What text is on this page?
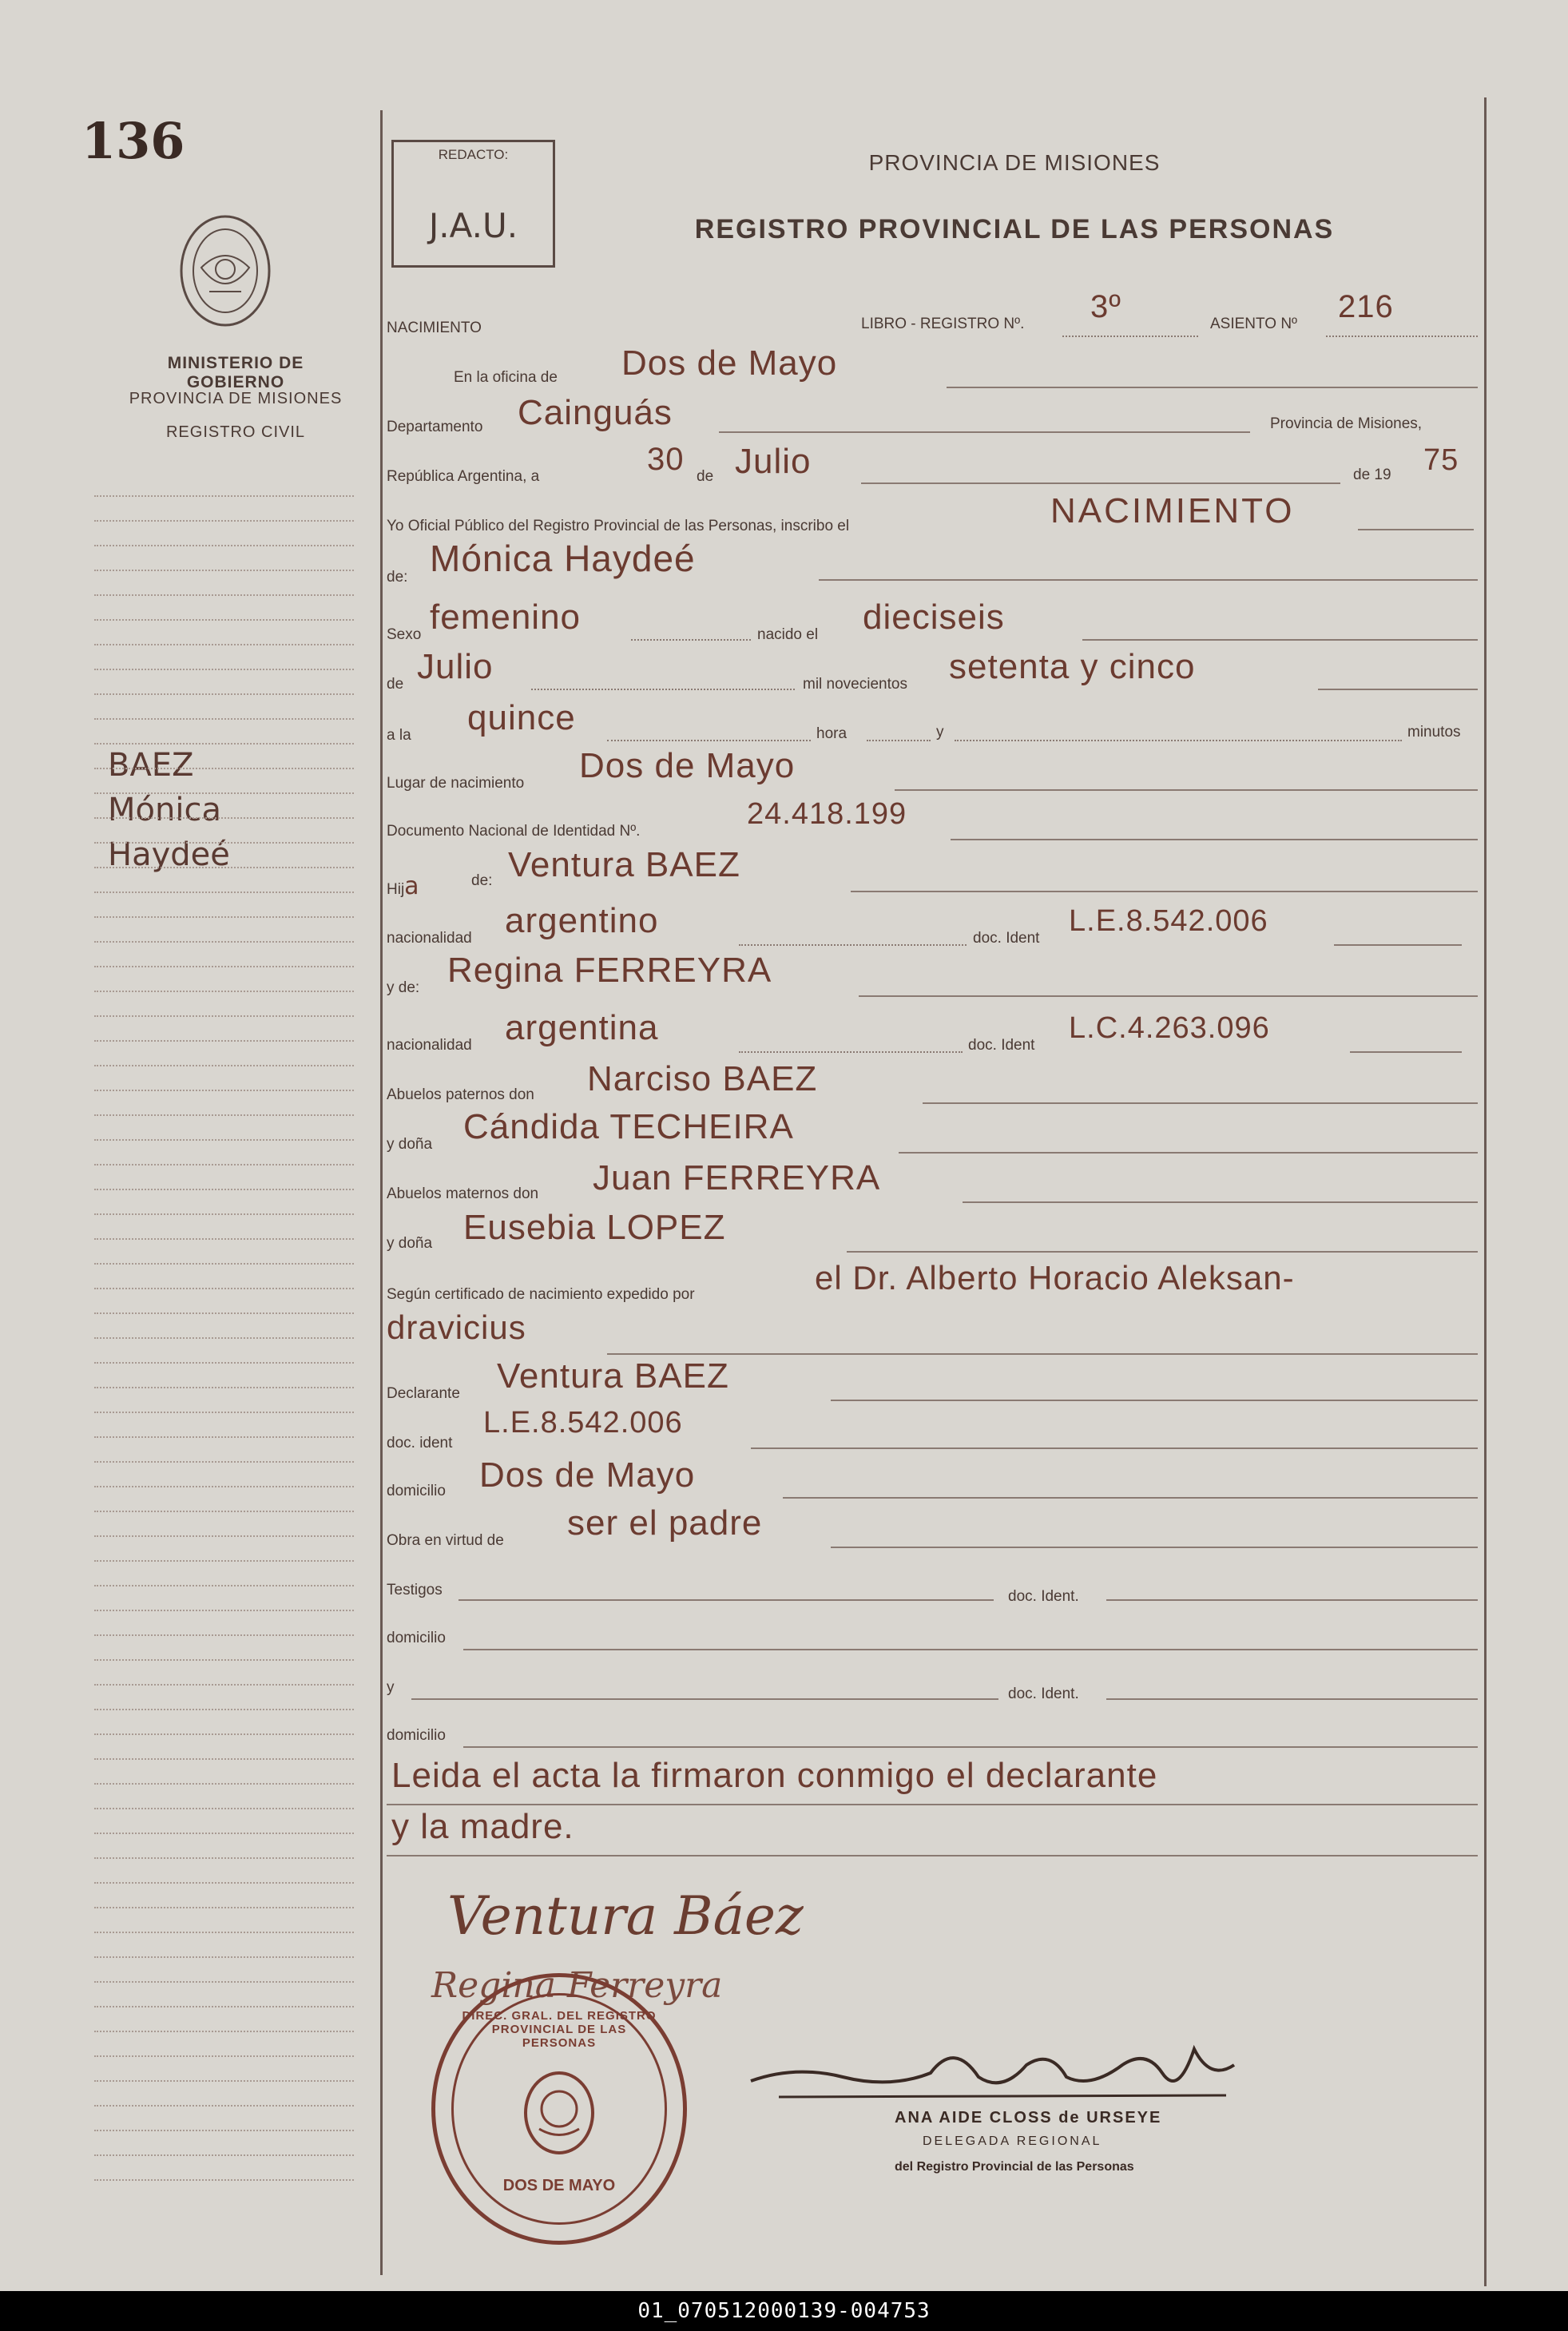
136
MINISTERIO DE GOBIERNO
PROVINCIA DE MISIONES
REGISTRO CIVIL
BAEZ
Mónica
Haydeé
REDACTO:
J.A.U.
PROVINCIA DE MISIONES
REGISTRO PROVINCIAL DE LAS PERSONAS
NACIMIENTO	LIBRO - REGISTRO Nº. 3º	ASIENTO Nº 216
En la oficina de Dos de Mayo
Departamento Cainguás	Provincia de Misiones,
República Argentina, a	30 de Julio	de 19 75
Yo Oficial Público del Registro Provincial de las Personas, inscribo el	NACIMIENTO
de: Mónica Haydeé
Sexo femenino	nacido el dieciseis
de Julio	mil novecientos setenta y cinco
a la quince	hora	y	minutos
Lugar de nacimiento Dos de Mayo
Documento Nacional de Identidad Nº.
24.418.199
Hija	de: Ventura BAEZ
nacionalidad argentino	doc. Ident
L.E.8.542.006
y de: Regina FERREYRA
nacionalidad argentina	doc. Ident
L.C.4.263.096
Abuelos paternos don Narciso BAEZ
y doña Cándida TECHEIRA
Abuelos maternos don Juan FERREYRA
y doña Eusebia LOPEZ
Según certificado de nacimiento expedido por	el Dr. Alberto Horacio Aleksan-
dravicius
Declarante Ventura BAEZ
doc. ident
L.E.8.542.006
domicilio Dos de Mayo
Obra en virtud de ser el padre
Testigos	doc. Ident.
domicilio
y	doc. Ident.
domicilio
Leida el acta la firmaron conmigo el declarante
y la madre.
Ventura Báez
Regina Ferreyra
ANA AIDE CLOSS de URSEYE
DELEGADA REGIONAL
del Registro Provincial de las Personas
DIREC. GRAL. DEL REGISTRO PROVINCIAL DE LAS PERSONAS
DOS DE MAYO
01_070512000139-004753
